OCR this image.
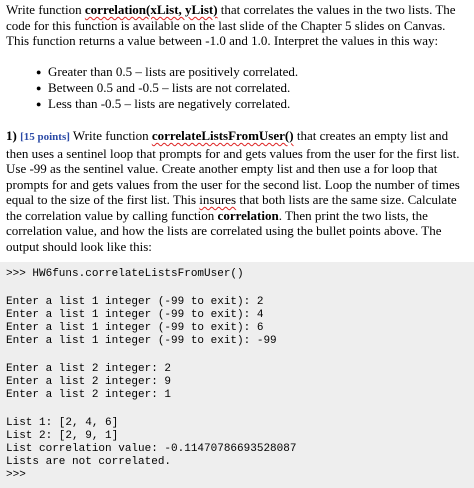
Write function correlation(xList, yList) that correlates the values in the two lists. The code for this function is available on the last slide of the Chapter 5 slides on Canvas. This function returns a value between -1.0 and 1.0. Interpret the values in this way:

● Greater than 0.5 – lists are positively correlated.
● Between 0.5 and -0.5 – lists are not correlated.
● Less than -0.5 – lists are negatively correlated.

1) [15 points] Write function correlateListsFromUser() that creates an empty list and then uses a sentinel loop that prompts for and gets values from the user for the first list. Use -99 as the sentinel value. Create another empty list and then use a for loop that prompts for and gets values from the user for the second list. Loop the number of times equal to the size of the first list. This insures that both lists are the same size. Calculate the correlation value by calling function correlation. Then print the two lists, the correlation value, and how the lists are correlated using the bullet points above. The output should look like this:

>>> HW6funs.correlateListsFromUser()

Enter a list 1 integer (-99 to exit): 2

Enter a list 1 integer (-99 to exit): 4

Enter a list 1 integer (-99 to exit): 6

Enter a list 1 integer (-99 to exit): -99

Enter a list 2 integer: 2

Enter a list 2 integer: 9

Enter a list 2 integer: 1

List 1: [2, 4, 6]

List 2: [2, 9, 1]

List correlation value: -0.11470786693528087

Lists are not correlated.

>>>
